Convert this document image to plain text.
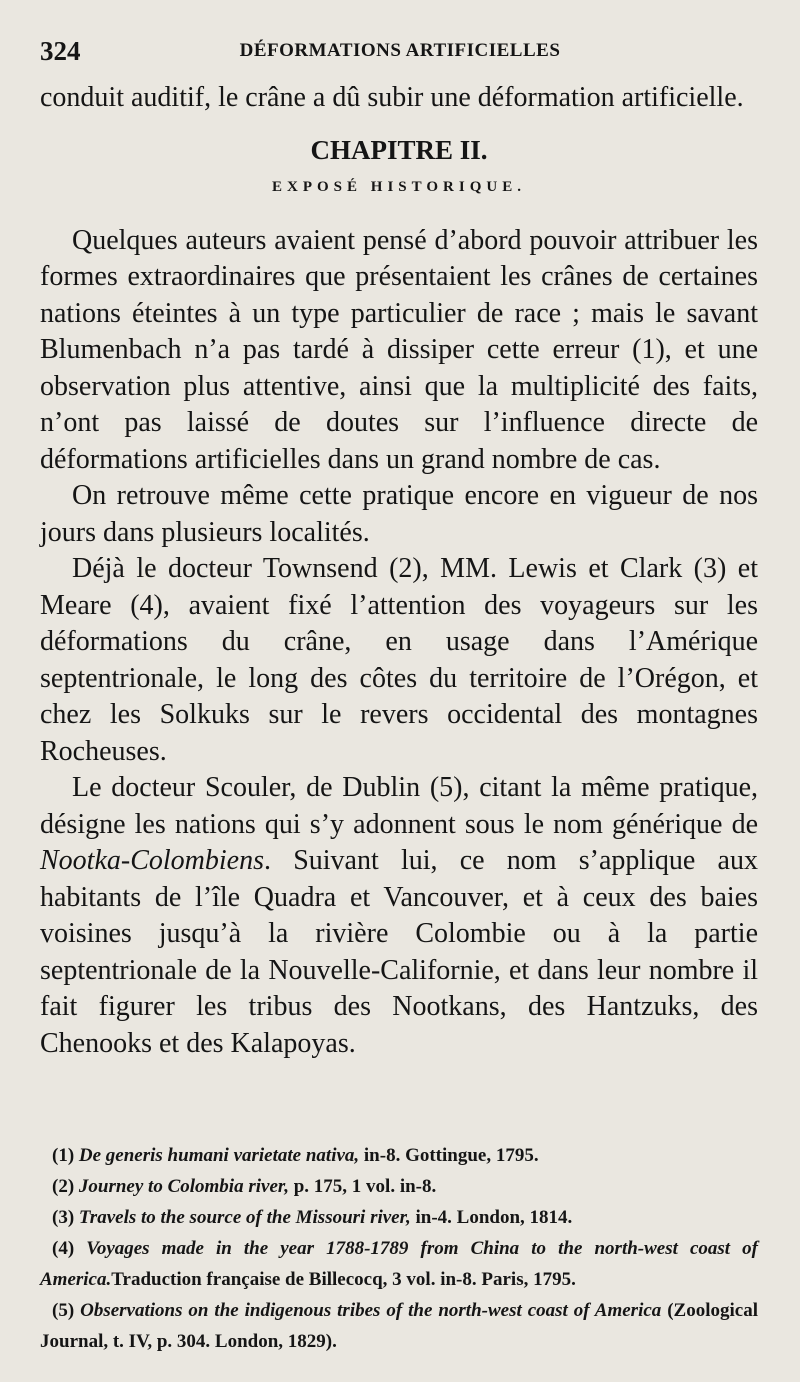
324	DÉFORMATIONS ARTIFICIELLES

conduit auditif, le crâne a dû subir une déformation artificielle.

CHAPITRE II.
EXPOSÉ HISTORIQUE.

Quelques auteurs avaient pensé d’abord pouvoir attribuer les formes extraordinaires que présentaient les crânes de certaines nations éteintes à un type particulier de race ; mais le savant Blumenbach n’a pas tardé à dissiper cette erreur (1), et une observation plus attentive, ainsi que la multiplicité des faits, n’ont pas laissé de doutes sur l’influence directe de déformations artificielles dans un grand nombre de cas.

On retrouve même cette pratique encore en vigueur de nos jours dans plusieurs localités.

Déjà le docteur Townsend (2), MM. Lewis et Clark (3) et Meare (4), avaient fixé l’attention des voyageurs sur les déformations du crâne, en usage dans l’Amérique septentrionale, le long des côtes du territoire de l’Orégon, et chez les Solkuks sur le revers occidental des montagnes Rocheuses.

Le docteur Scouler, de Dublin (5), citant la même pratique, désigne les nations qui s’y adonnent sous le nom générique de Nootka-Colombiens. Suivant lui, ce nom s’applique aux habitants de l’île Quadra et Vancouver, et à ceux des baies voisines jusqu’à la rivière Colombie ou à la partie septentrionale de la Nouvelle-Californie, et dans leur nombre il fait figurer les tribus des Nootkans, des Hantzuks, des Chenooks et des Kalapoyas.

(1) De generis humani varietate nativa, in-8. Gottingue, 1795.

(2) Journey to Colombia river, p. 175, 1 vol. in-8.

(3) Travels to the source of the Missouri river, in-4. London, 1814.

(4) Voyages made in the year 1788-1789 from China to the north-west coast of America.Traduction française de Billecocq, 3 vol. in-8. Paris, 1795.

(5) Observations on the indigenous tribes of the north-west coast of America (Zoological Journal, t. IV, p. 304. London, 1829).
